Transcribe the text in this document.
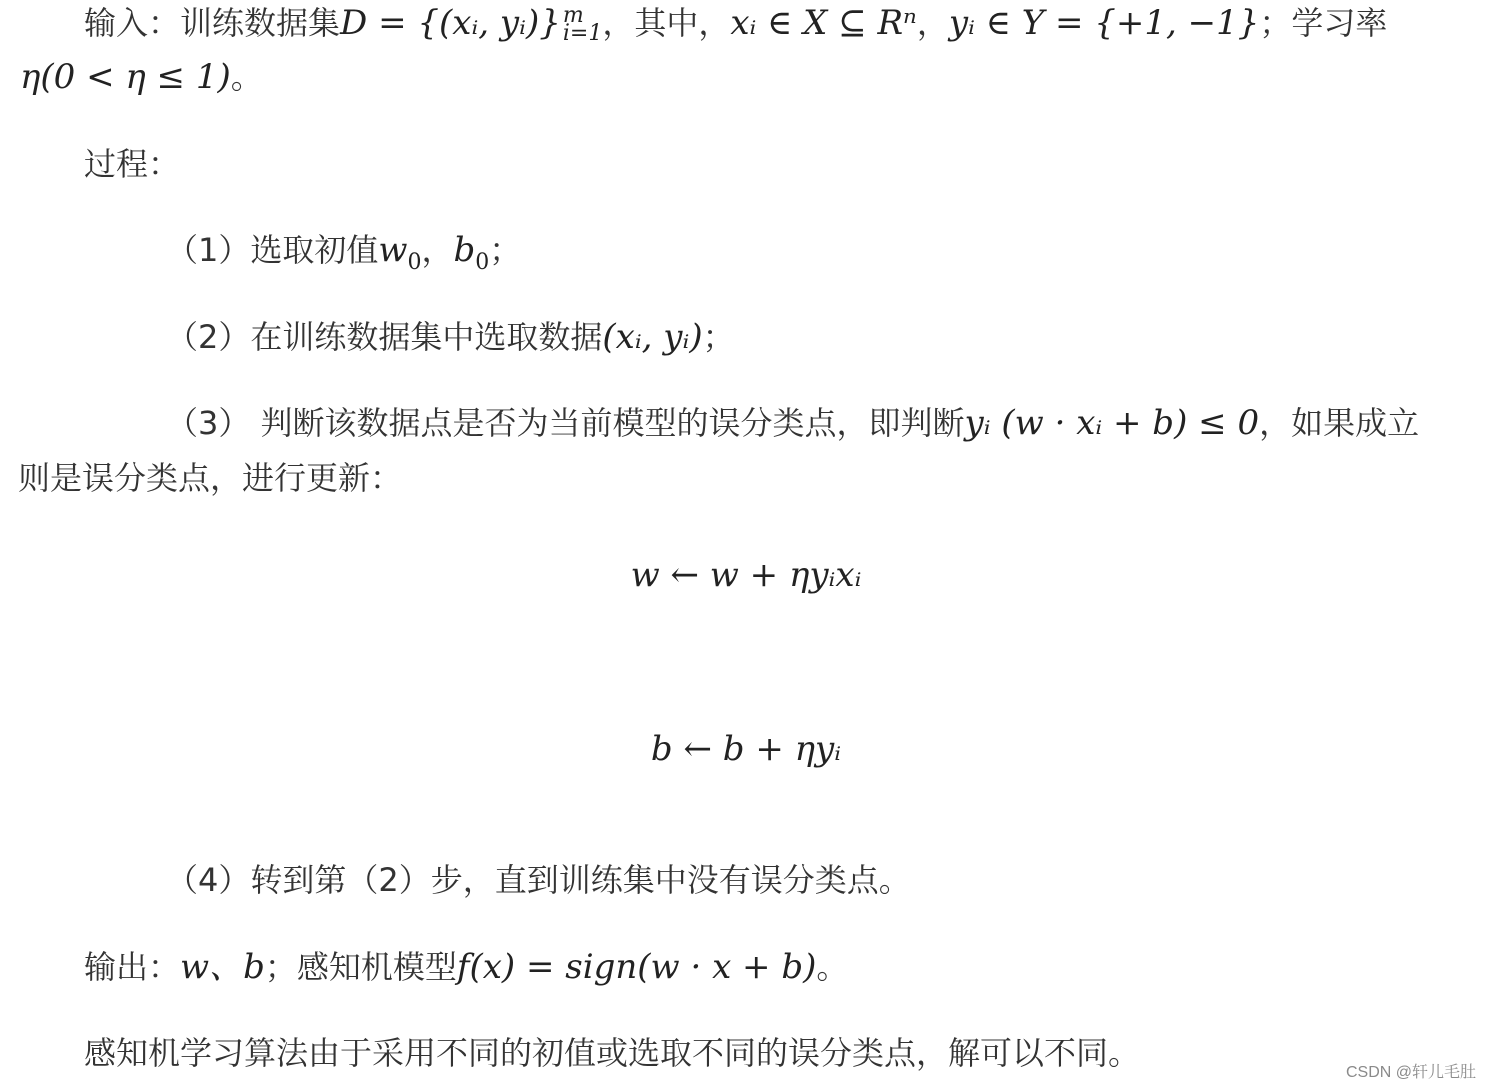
输入：训练数据集D = {(xᵢ, yᵢ)} m
i=1 ，其中，xᵢ ∈ X ⊆ Rⁿ，yᵢ ∈ Y = {+1, −1}；学习率
η(0 < η ≤ 1)。
过程：
（1）选取初值$w_0$，$b_0$；
（2）在训练数据集中选取数据(xᵢ, yᵢ)；
（3） 判断该数据点是否为当前模型的误分类点，即判断yᵢ (w · xᵢ + b) ≤ 0，如果成立
则是误分类点，进行更新：
w ← w + ηyᵢxᵢ
b ← b + ηyᵢ
（4）转到第（2）步，直到训练集中没有误分类点。
输出：w、b；感知机模型f(x) = sign(w · x + b)。
感知机学习算法由于采用不同的初值或选取不同的误分类点，解可以不同。
CSDN @轩儿毛肚
